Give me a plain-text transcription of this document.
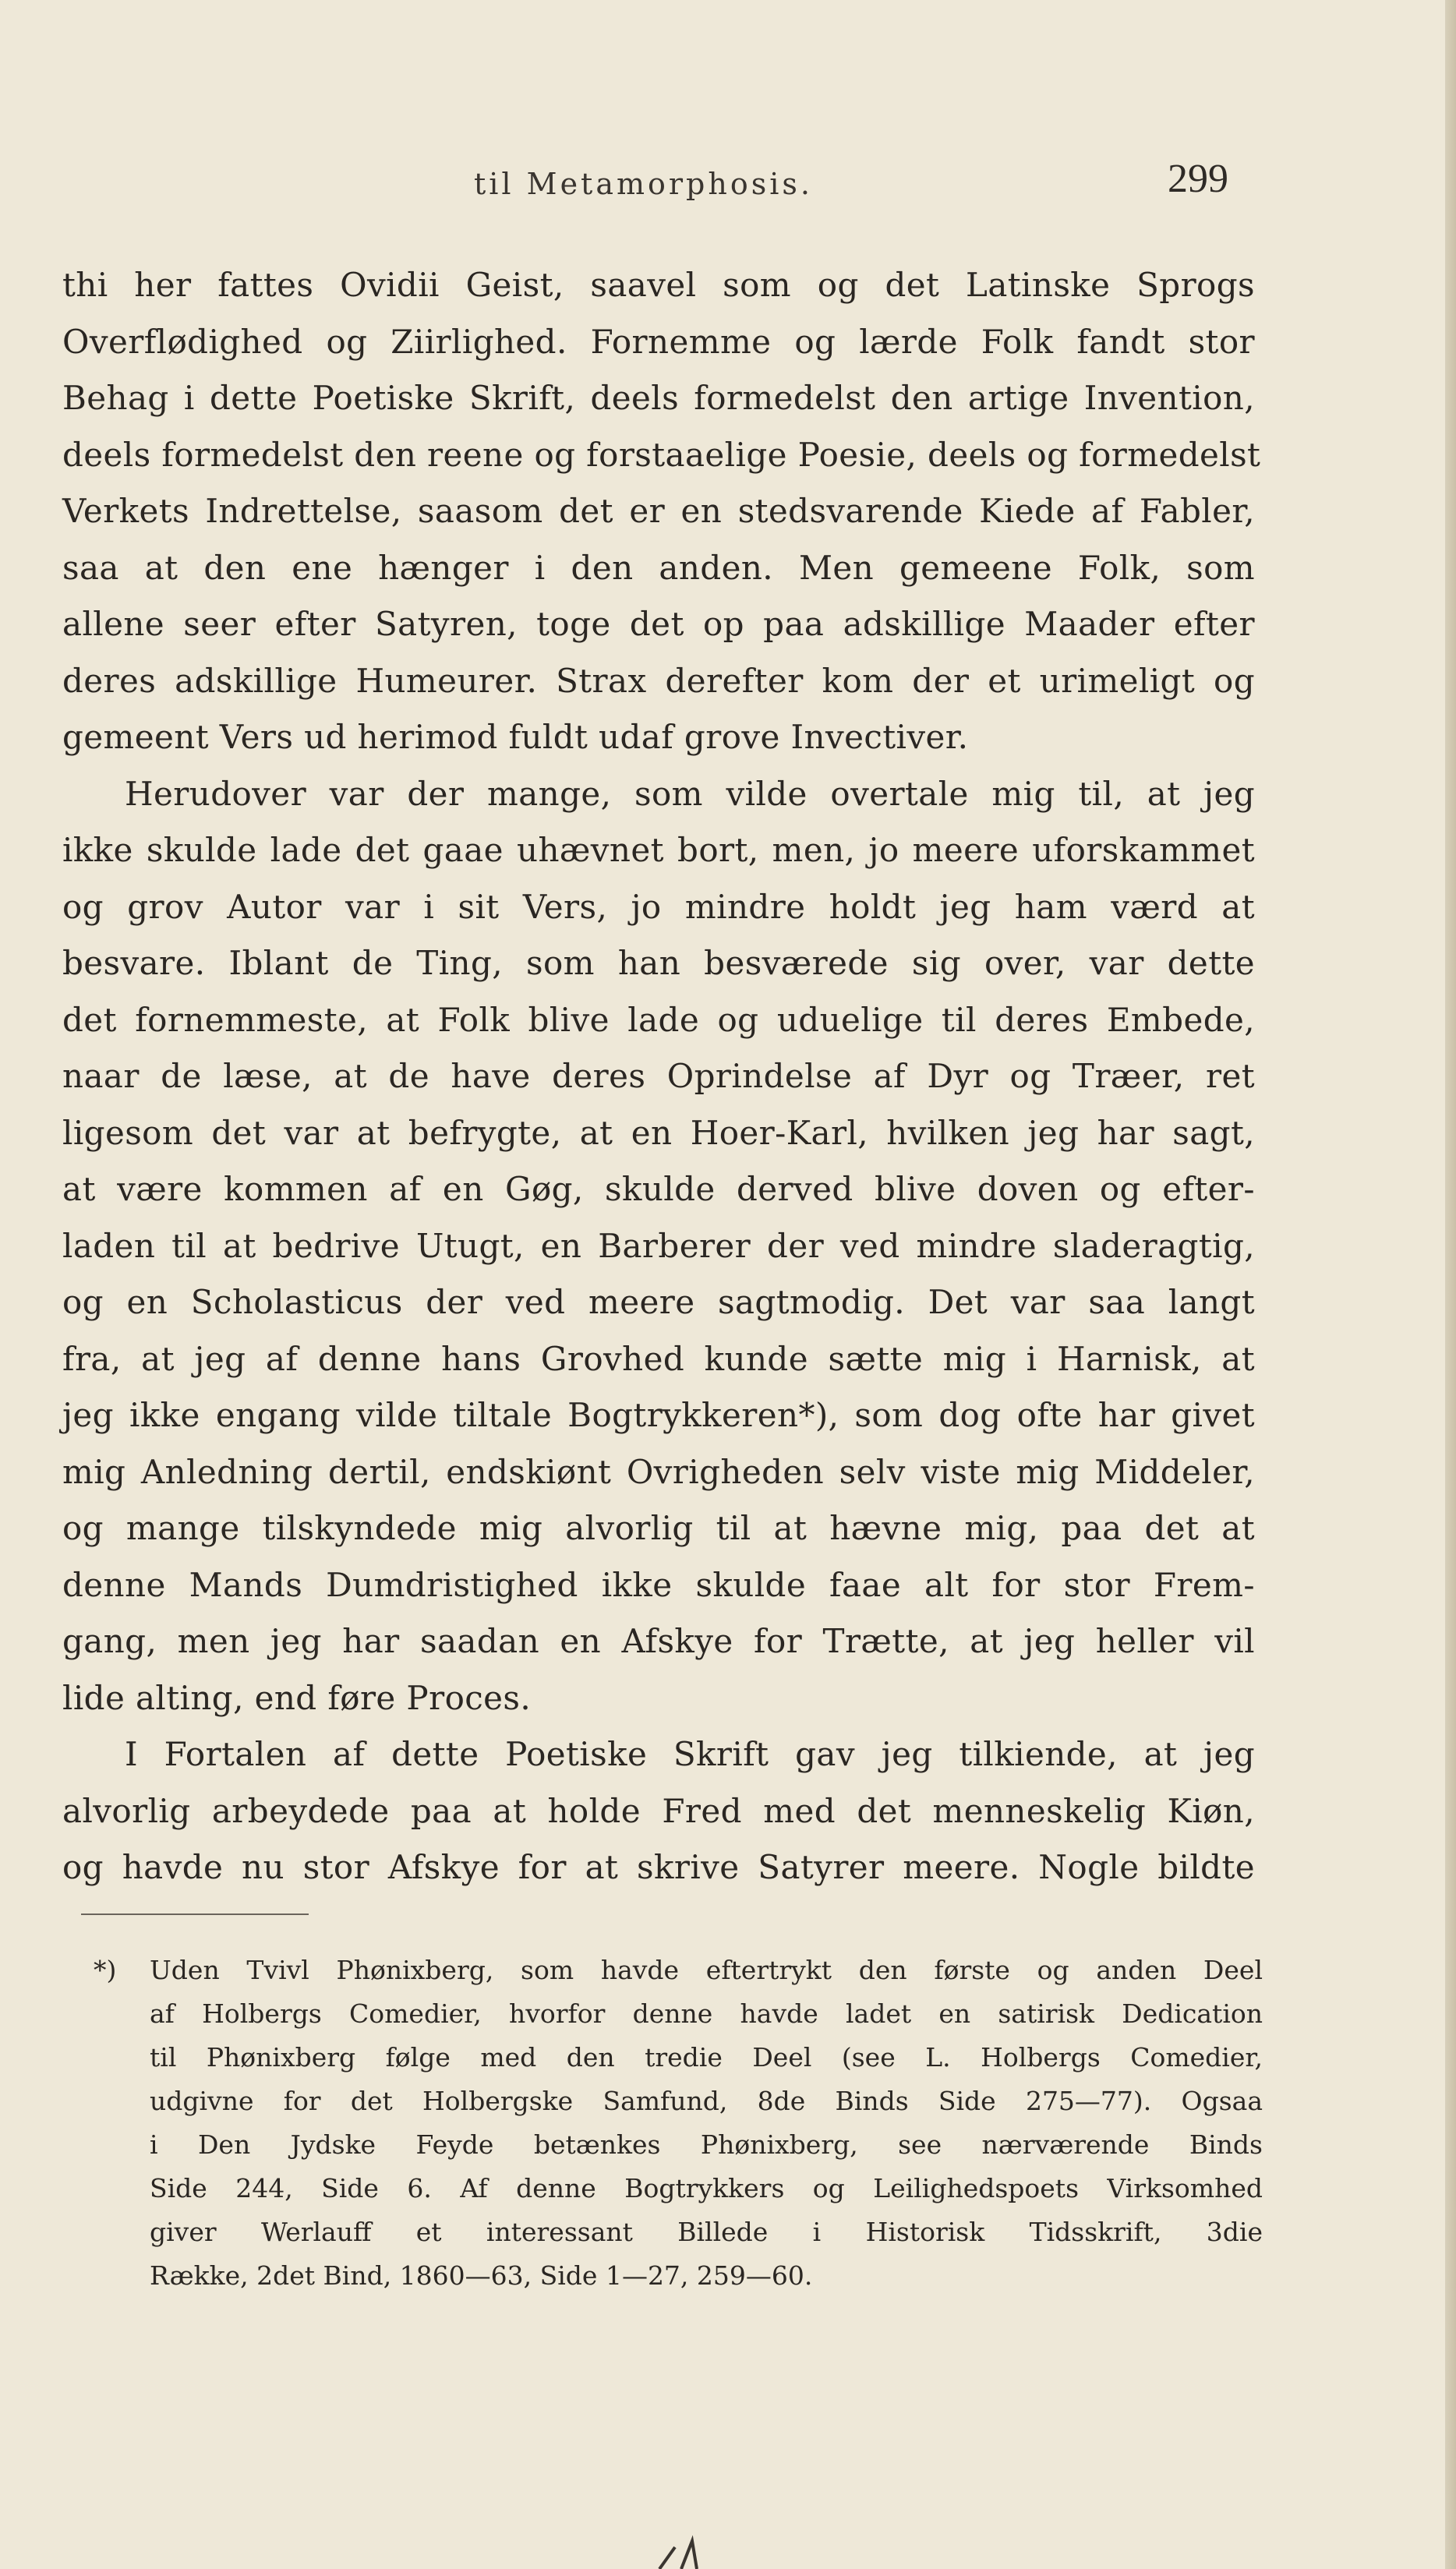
til Metamorphosis.	299
thi her fattes Ovidii Geist, saavel som og det Latinske Sprogs
Overflødighed og Ziirlighed. Fornemme og lærde Folk fandt stor
Behag i dette Poetiske Skrift, deels formedelst den artige Invention,
deels formedelst den reene og forstaaelige Poesie, deels og formedelst
Verkets Indrettelse, saasom det er en stedsvarende Kiede af Fabler,
saa at den ene hænger i den anden. Men gemeene Folk, som
allene seer efter Satyren, toge det op paa adskillige Maader efter
deres adskillige Humeurer. Strax derefter kom der et urimeligt og
gemeent Vers ud herimod fuldt udaf grove Invectiver.
Herudover var der mange, som vilde overtale mig til, at jeg
ikke skulde lade det gaae uhævnet bort, men, jo meere uforskammet
og grov Autor var i sit Vers, jo mindre holdt jeg ham værd at
besvare. Iblant de Ting, som han besværede sig over, var dette
det fornemmeste, at Folk blive lade og uduelige til deres Embede,
naar de læse, at de have deres Oprindelse af Dyr og Træer, ret
ligesom det var at befrygte, at en Hoer-Karl, hvilken jeg har sagt,
at være kommen af en Gøg, skulde derved blive doven og efter-
laden til at bedrive Utugt, en Barberer der ved mindre sladeragtig,
og en Scholasticus der ved meere sagtmodig. Det var saa langt
fra, at jeg af denne hans Grovhed kunde sætte mig i Harnisk, at
jeg ikke engang vilde tiltale Bogtrykkeren*), som dog ofte har givet
mig Anledning dertil, endskiønt Ovrigheden selv viste mig Middeler,
og mange tilskyndede mig alvorlig til at hævne mig, paa det at
denne Mands Dumdristighed ikke skulde faae alt for stor Frem-
gang, men jeg har saadan en Afskye for Trætte, at jeg heller vil
lide alting, end føre Proces.
I Fortalen af dette Poetiske Skrift gav jeg tilkiende, at jeg
alvorlig arbeydede paa at holde Fred med det menneskelig Kiøn,
og havde nu stor Afskye for at skrive Satyrer meere. Nogle bildte
*) Uden Tvivl Phønixberg, som havde eftertrykt den første og anden Deel
af Holbergs Comedier, hvorfor denne havde ladet en satirisk Dedication
til Phønixberg følge med den tredie Deel (see L. Holbergs Comedier,
udgivne for det Holbergske Samfund, 8de Binds Side 275—77). Ogsaa
i Den Jydske Feyde betænkes Phønixberg, see nærværende Binds
Side 244, Side 6. Af denne Bogtrykkers og Leilighedspoets Virksomhed
giver Werlauff et interessant Billede i Historisk Tidsskrift, 3die
Række, 2det Bind, 1860—63, Side 1—27, 259—60.
